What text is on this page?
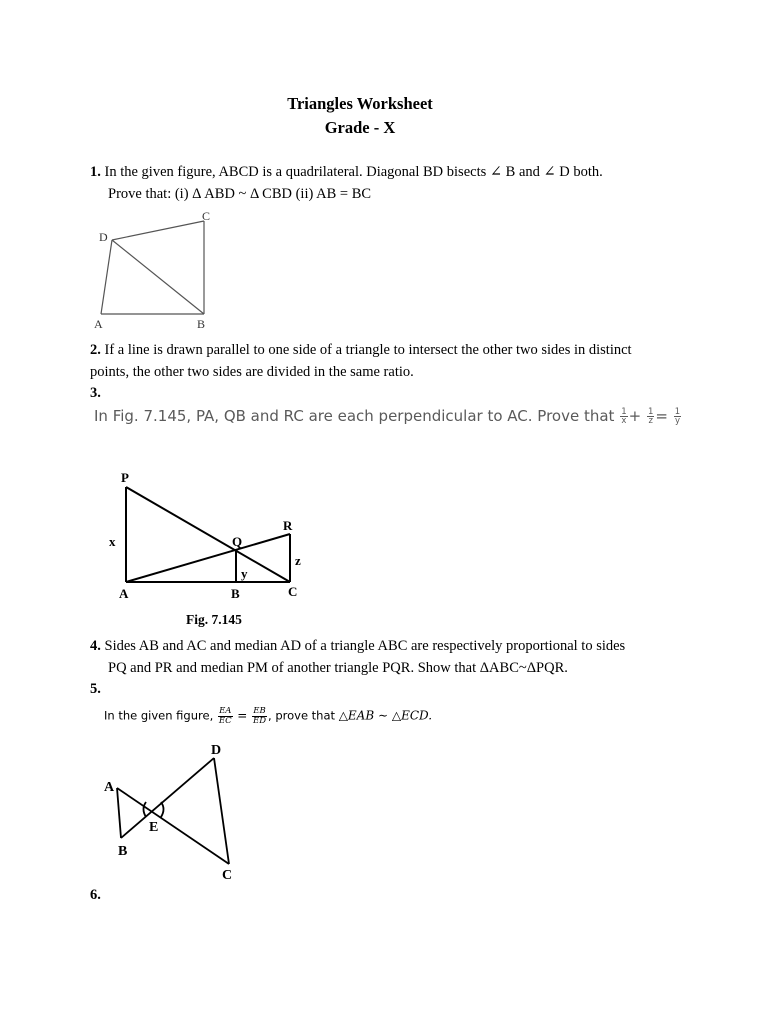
Triangles Worksheet
Grade - X
1. In the given figure, ABCD is a quadrilateral. Diagonal BD bisects ∠ B and ∠ D both.
Prove that: (i) Δ ABD ~ Δ CBD (ii) AB = BC
D
C
A	B
2. If a line is drawn parallel to one side of a triangle to intersect the other two sides in distinct
points, the other two sides are divided in the same ratio.
3.
In Fig. 7.145, PA, QB and RC are each perpendicular to AC. Prove that $\frac{1}{x} + \frac{1}{z} = \frac{1}{y}$
P
Q
R
A	B	C
x
y
z
Fig. 7.145
4. Sides AB and AC and median AD of a triangle ABC are respectively proportional to sides
PQ and PR and median PM of another triangle PQR. Show that ΔABC~ΔPQR.
5.
In the given figure, $\frac{EA}{EC} = \frac{EB}{ED}$ , prove that △EAB ∼ △ECD.
A
B
C
D
E
6.
